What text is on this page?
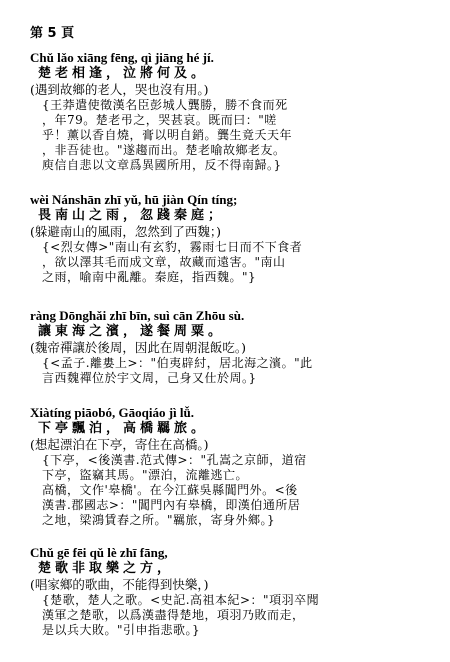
第 5 頁
Chǔ lǎo xiāng fēng, qì jiāng hé jí.
楚老相逢，泣將何及。
(遇到故鄉的老人，哭也沒有用。)
{王莽遣使徵漢名臣彭城人龔勝，勝不食而死
，年79。楚老弔之，哭甚哀。既而曰："嗟
乎！薰以香自燒，膏以明自銷。龔生竟夭天年
，非吾徒也。"遂趨而出。楚老喻故鄉老友。
庾信自悲以文章爲異國所用，反不得南歸。}
wèi Nánshān zhī yǔ, hū jiàn Qín tíng;
畏南山之雨，忽踐秦庭；
(躲避南山的風雨，忽然到了西魏；)
{<烈女傳>"南山有玄豹，霧雨七日而不下食者
，欲以澤其毛而成文章，故藏而遠害。"南山
之雨，喻南中亂離。秦庭，指西魏。"}
ràng Dōnghǎi zhī bīn, suì cān Zhōu sù.
讓東海之濱，遂餐周粟。
(魏帝禪讓於後周，因此在周朝混飯吃。)
{<孟子.離婁上>："伯夷辟紂，居北海之濱。"此
言西魏禪位於宇文周，己身又仕於周。}
Xiàtíng piāobó, Gāoqiáo jì lǚ.
下亭飄泊，高橋羈旅。
(想起漂泊在下亭，寄住在高橋。)
{下亭，<後漢書.范式傳>："孔嵩之京師，道宿
下亭，盜竊其馬。"漂泊，流離逃亡。
高橋，文作'皋橋'。在今江蘇吳縣閶門外。<後
漢書.郡國志>："閶門內有皋橋，即漢伯通所居
之地，梁鴻賃舂之所。"羈旅，寄身外鄉。}
Chǔ gē fēi qǔ lè zhī fāng,
楚歌非取樂之方，
(唱家鄉的歌曲，不能得到快樂，)
{楚歌，楚人之歌。<史記.高祖本紀>："項羽卒聞
漢軍之楚歌，以爲漢盡得楚地，項羽乃敗而走，
是以兵大敗。"引申指悲歌。}
